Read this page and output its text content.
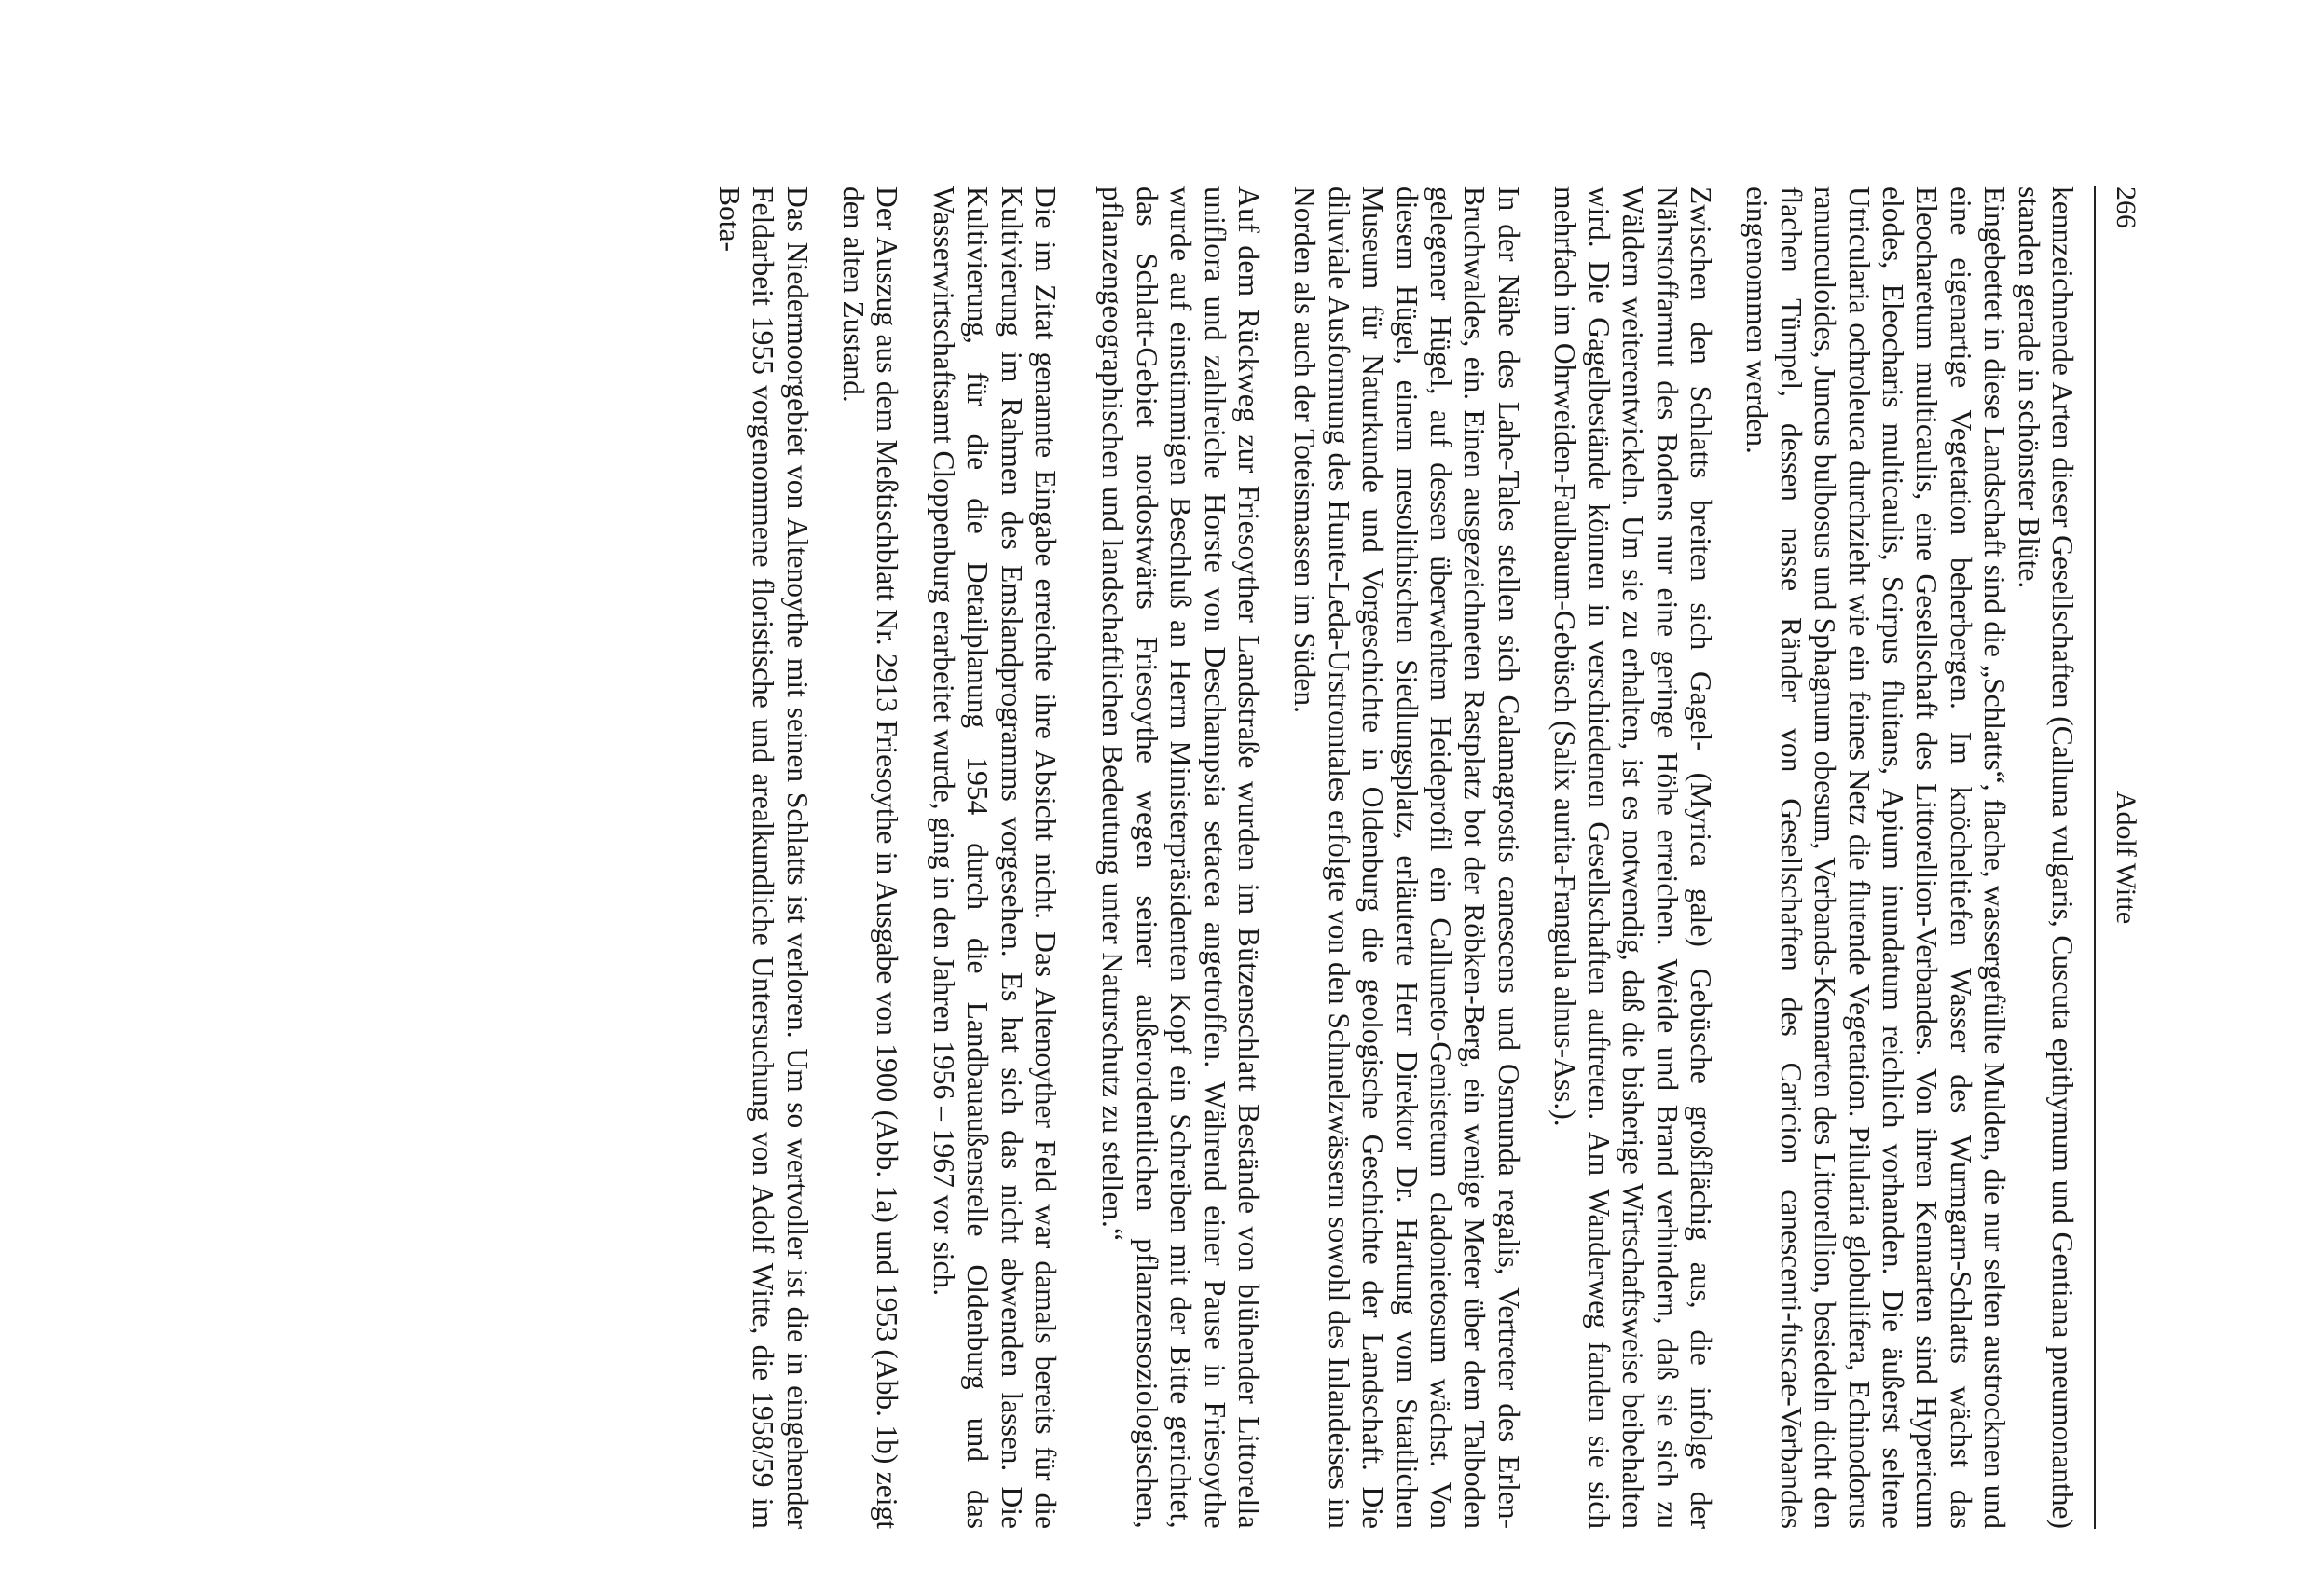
266
Adolf Witte

kennzeichnende Arten dieser Gesellschaften (Calluna vulgaris, Cuscuta epithymum und Gentiana pneumonanthe) standen gerade in schönster Blüte.

Eingebettet in diese Landschaft sind die „Schlatts“, flache, wassergefüllte Mulden, die nur selten austrocknen und eine eigenartige Vegetation beherbergen. Im knöcheltiefen Wasser des Wurmgarn-Schlatts wächst das Eleocharetum multicaulis, eine Gesellschaft des Littorellion-Verbandes. Von ihren Kennarten sind Hypericum elodes, Eleocharis multicaulis, Scirpus fluitans, Apium inundatum reichlich vorhanden. Die äußerst seltene Utricularia ochroleuca durchzieht wie ein feines Netz die flutende Vegetation. Pilularia globulifera, Echinodorus ranunculoides, Juncus bulbosus und Sphagnum obesum, Verbands-Kennarten des Littorellion, besiedeln dicht den flachen Tümpel, dessen nasse Ränder von Gesellschaften des Caricion canescenti-fuscae-Verbandes eingenommen werden.

Zwischen den Schlatts breiten sich Gagel- (Myrica gale) Gebüsche großflächig aus, die infolge der Nährstoffarmut des Bodens nur eine geringe Höhe erreichen. Weide und Brand verhindern, daß sie sich zu Wäldern weiterentwickeln. Um sie zu erhalten, ist es notwendig, daß die bisherige Wirtschaftsweise beibehalten wird. Die Gagelbestände können in verschiedenen Gesellschaften auftreten. Am Wanderweg fanden sie sich mehrfach im Ohrweiden-Faulbaum-Gebüsch (Salix aurita-Frangula alnus-Ass.).

In der Nähe des Lahe-Tales stellen sich Calamagrostis canescens und Osmunda regalis, Vertreter des Erlen-Bruchwaldes, ein. Einen ausgezeichneten Rastplatz bot der Röbken-Berg, ein wenige Meter über dem Talboden gelegener Hügel, auf dessen überwehtem Heideprofil ein Calluneto-Genistetum cladonietosum wächst. Von diesem Hügel, einem mesolithischen Siedlungsplatz, erläuterte Herr Direktor Dr. Hartung vom Staatlichen Museum für Naturkunde und Vorgeschichte in Oldenburg die geologische Geschichte der Landschaft. Die diluviale Ausformung des Hunte-Leda-Urstromtales erfolgte von den Schmelzwässern sowohl des Inlandeises im Norden als auch der Toteismassen im Süden.

Auf dem Rückweg zur Friesoyther Landstraße wurden im Bützenschlatt Bestände von blühender Littorella uniflora und zahlreiche Horste von Deschampsia setacea angetroffen. Während einer Pause in Friesoythe wurde auf einstimmigen Beschluß an Herrn Ministerpräsidenten Kopf ein Schreiben mit der Bitte gerichtet, das Schlatt-Gebiet nordostwärts Friesoythe wegen seiner außerordentlichen pflanzensoziologischen, pflanzengeographischen und landschaftlichen Bedeutung unter Naturschutz zu stellen.“

Die im Zitat genannte Eingabe erreichte ihre Absicht nicht. Das Altenoyther Feld war damals bereits für die Kultivierung im Rahmen des Emslandprogramms vorgesehen. Es hat sich das nicht abwenden lassen. Die Kultivierung, für die die Detailplanung 1954 durch die Landbauaußenstelle Oldenburg und das Wasserwirtschaftsamt Cloppenburg erarbeitet wurde, ging in den Jahren 1956 – 1967 vor sich.

Der Auszug aus dem Meßtischblatt Nr. 2913 Friesoythe in Ausgabe von 1900 (Abb. 1a) und 1953 (Abb. 1b) zeigt den alten Zustand.

Das Niedermoorgebiet von Altenoythe mit seinen Schlatts ist verloren. Um so wertvoller ist die in eingehender Feldarbeit 1955 vorgenommene floristische und arealkundliche Untersuchung von Adolf Witte, die 1958/59 im Bota-
